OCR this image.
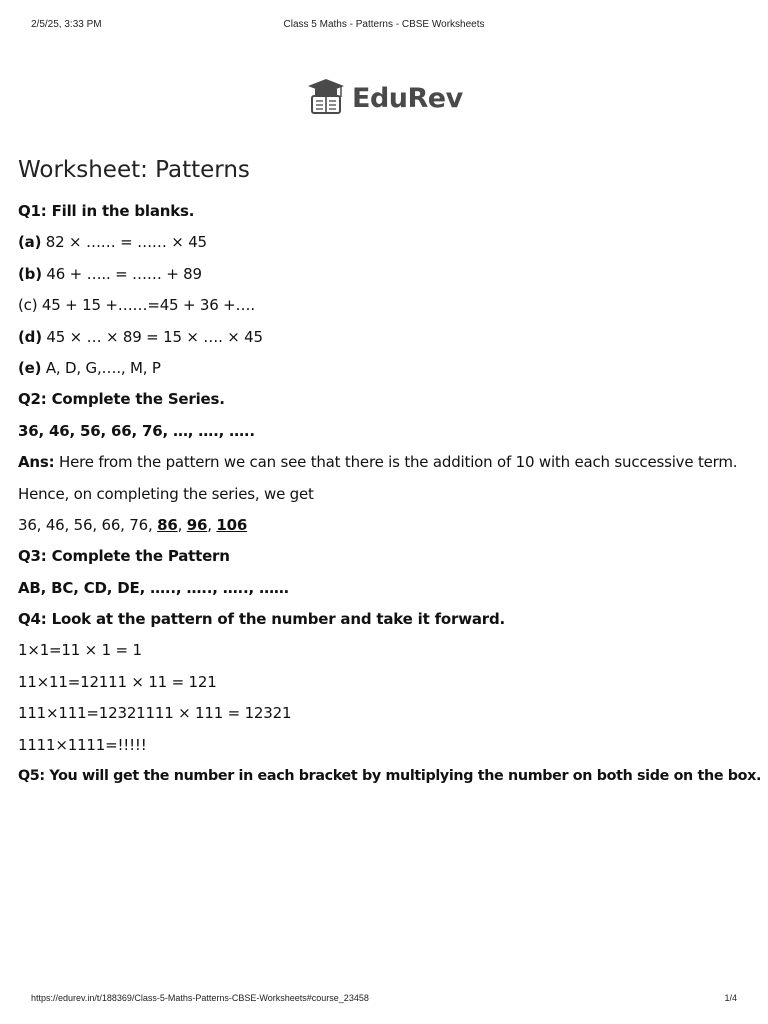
2/5/25, 3:33 PM	Class 5 Maths - Patterns - CBSE Worksheets
EduRev
Worksheet: Patterns
Q1: Fill in the blanks.
(a) 82 × …… = …… × 45
(b) 46 + ….. = …… + 89
(c) 45 + 15 +……=45 + 36 +….
(d) 45 × … × 89 = 15 × …. × 45
(e) A, D, G,…., M, P
Q2: Complete the Series.
36, 46, 56, 66, 76, …, …., …..
Ans: Here from the pattern we can see that there is the addition of 10 with each successive term.
Hence, on completing the series, we get
36, 46, 56, 66, 76, 86, 96, 106
Q3: Complete the Pattern
AB, BC, CD, DE, ….., ….., ….., ……
Q4: Look at the pattern of the number and take it forward.
1×1=11 × 1 = 1
11×11=12111 × 11 = 121
111×111=12321111 × 111 = 12321
1111×1111=!!!!!
Q5: You will get the number in each bracket by multiplying the number on both side on the box.
https://edurev.in/t/188369/Class-5-Maths-Patterns-CBSE-Worksheets#course_23458	1/4
